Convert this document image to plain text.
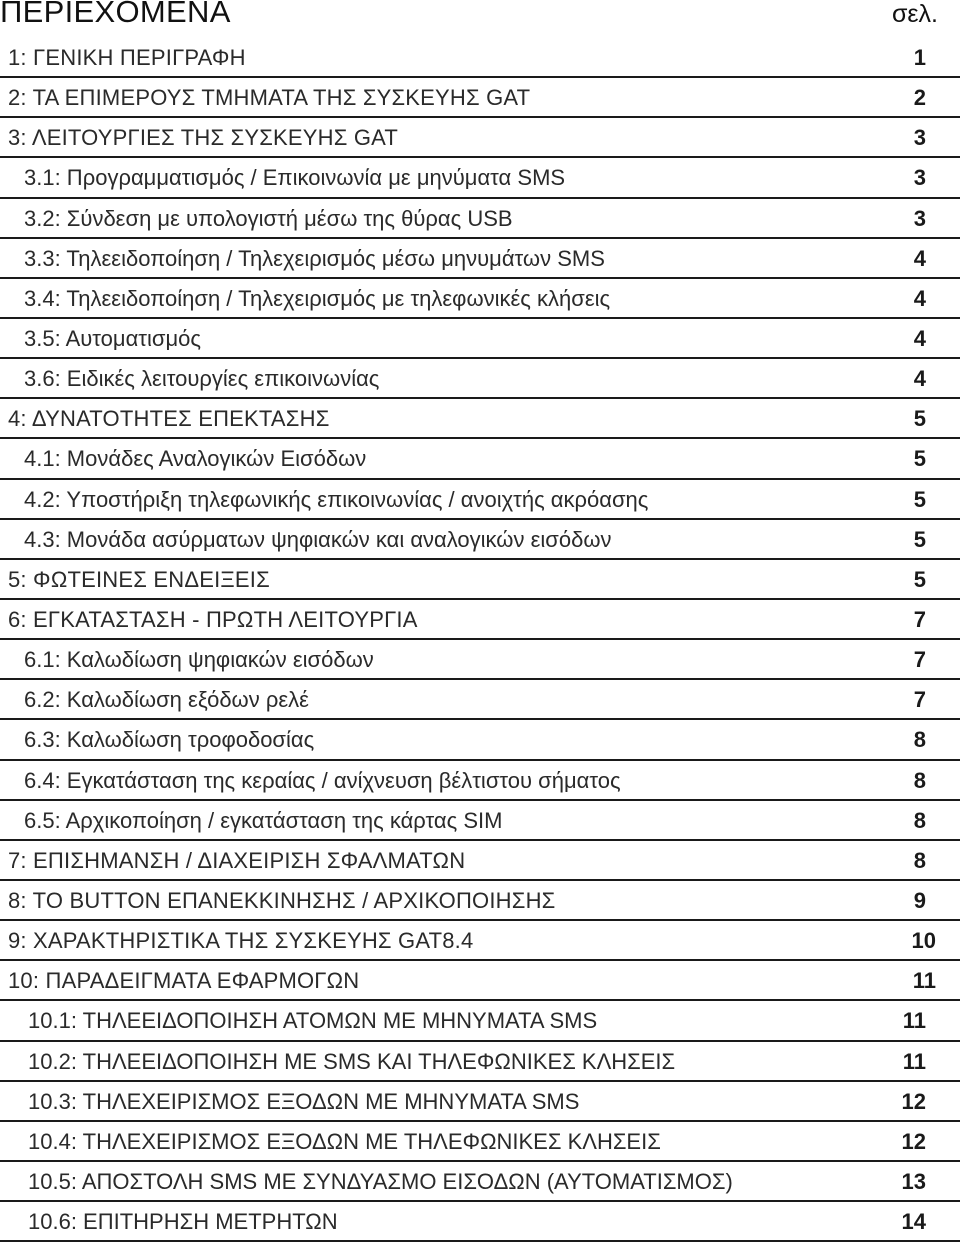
ΠΕΡΙΕΧΟΜΕΝΑ	σελ.
1: ΓΕΝΙΚΗ ΠΕΡΙΓΡΑΦΗ	1
2: ΤΑ ΕΠΙΜΕΡΟΥΣ ΤΜΗΜΑΤΑ ΤΗΣ ΣΥΣΚΕΥΗΣ GAT	2
3: ΛΕΙΤΟΥΡΓΙΕΣ ΤΗΣ ΣΥΣΚΕΥΗΣ GAT	3
3.1: Προγραμματισμός / Επικοινωνία με μηνύματα SMS	3
3.2: Σύνδεση με υπολογιστή μέσω της θύρας USB	3
3.3: Τηλεειδοποίηση / Τηλεχειρισμός μέσω μηνυμάτων SMS	4
3.4: Τηλεειδοποίηση / Τηλεχειρισμός με τηλεφωνικές κλήσεις	4
3.5: Αυτοματισμός	4
3.6: Ειδικές λειτουργίες επικοινωνίας	4
4: ΔΥΝΑΤΟΤΗΤΕΣ ΕΠΕΚΤΑΣΗΣ	5
4.1: Μονάδες Αναλογικών Εισόδων	5
4.2: Υποστήριξη τηλεφωνικής επικοινωνίας / ανοιχτής ακρόασης	5
4.3: Μονάδα ασύρματων ψηφιακών και αναλογικών εισόδων	5
5: ΦΩΤΕΙΝΕΣ ΕΝΔΕΙΞΕΙΣ	5
6: ΕΓΚΑΤΑΣΤΑΣΗ - ΠΡΩΤΗ ΛΕΙΤΟΥΡΓΙΑ	7
6.1: Καλωδίωση ψηφιακών εισόδων	7
6.2: Καλωδίωση εξόδων ρελέ	7
6.3: Καλωδίωση τροφοδοσίας	8
6.4: Εγκατάσταση της κεραίας / ανίχνευση βέλτιστου σήματος	8
6.5: Αρχικοποίηση / εγκατάσταση της κάρτας SIM	8
7: ΕΠΙΣΗΜΑΝΣΗ / ΔΙΑΧΕΙΡΙΣΗ ΣΦΑΛΜΑΤΩΝ	8
8: ΤΟ BUTTON ΕΠΑΝΕΚΚΙΝΗΣΗΣ / ΑΡΧΙΚΟΠΟΙΗΣΗΣ	9
9: ΧΑΡΑΚΤΗΡΙΣΤΙΚΑ ΤΗΣ ΣΥΣΚΕΥΗΣ GAT8.4	10
10: ΠΑΡΑΔΕΙΓΜΑΤΑ ΕΦΑΡΜΟΓΩΝ	11
10.1: ΤΗΛΕΕΙΔΟΠΟΙΗΣΗ ΑΤΟΜΩΝ ΜΕ ΜΗΝΥΜΑΤΑ SMS	11
10.2: ΤΗΛΕΕΙΔΟΠΟΙΗΣΗ ΜΕ SMS ΚΑΙ ΤΗΛΕΦΩΝΙΚΕΣ ΚΛΗΣΕΙΣ	11
10.3: ΤΗΛΕΧΕΙΡΙΣΜΟΣ ΕΞΟΔΩΝ ΜΕ ΜΗΝΥΜΑΤΑ SMS	12
10.4: ΤΗΛΕΧΕΙΡΙΣΜΟΣ ΕΞΟΔΩΝ ΜΕ ΤΗΛΕΦΩΝΙΚΕΣ ΚΛΗΣΕΙΣ	12
10.5: ΑΠΟΣΤΟΛΗ SMS ΜΕ ΣΥΝΔΥΑΣΜΟ ΕΙΣΟΔΩΝ (ΑΥΤΟΜΑΤΙΣΜΟΣ)	13
10.6: ΕΠΙΤΗΡΗΣΗ ΜΕΤΡΗΤΩΝ	14
